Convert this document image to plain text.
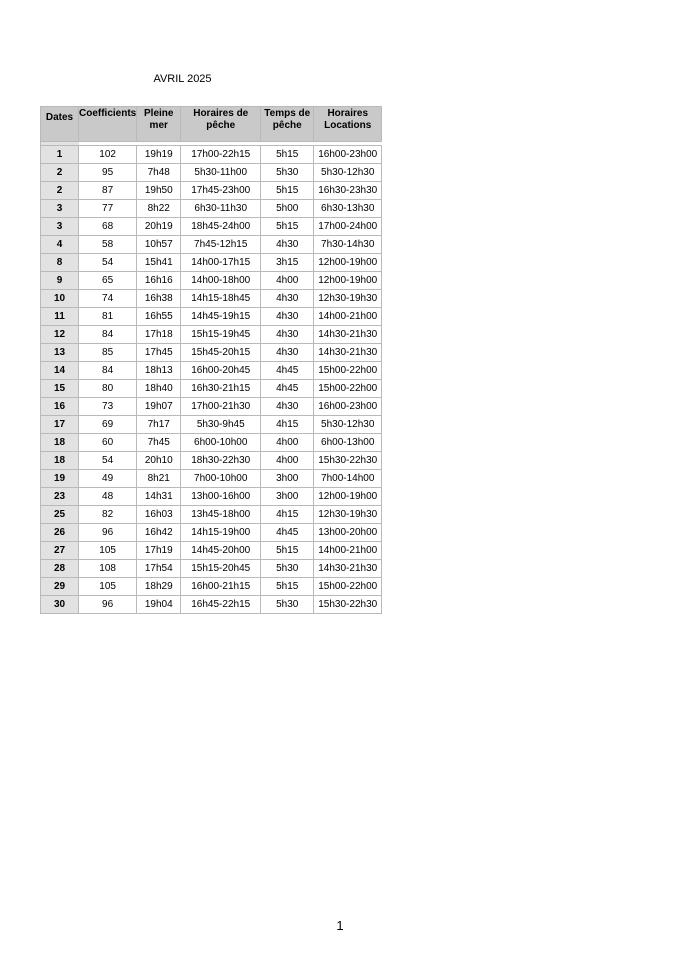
AVRIL 2025
Dates	Coefficients	Pleine mer	Horaires de pêche	Temps de pêche	Horaires Locations

1	102	19h19	17h00-22h15	5h15	16h00-23h00
2	95	7h48	5h30-11h00	5h30	5h30-12h30
2	87	19h50	17h45-23h00	5h15	16h30-23h30
3	77	8h22	6h30-11h30	5h00	6h30-13h30
3	68	20h19	18h45-24h00	5h15	17h00-24h00
4	58	10h57	7h45-12h15	4h30	7h30-14h30
8	54	15h41	14h00-17h15	3h15	12h00-19h00
9	65	16h16	14h00-18h00	4h00	12h00-19h00
10	74	16h38	14h15-18h45	4h30	12h30-19h30
11	81	16h55	14h45-19h15	4h30	14h00-21h00
12	84	17h18	15h15-19h45	4h30	14h30-21h30
13	85	17h45	15h45-20h15	4h30	14h30-21h30
14	84	18h13	16h00-20h45	4h45	15h00-22h00
15	80	18h40	16h30-21h15	4h45	15h00-22h00
16	73	19h07	17h00-21h30	4h30	16h00-23h00
17	69	7h17	5h30-9h45	4h15	5h30-12h30
18	60	7h45	6h00-10h00	4h00	6h00-13h00
18	54	20h10	18h30-22h30	4h00	15h30-22h30
19	49	8h21	7h00-10h00	3h00	7h00-14h00
23	48	14h31	13h00-16h00	3h00	12h00-19h00
25	82	16h03	13h45-18h00	4h15	12h30-19h30
26	96	16h42	14h15-19h00	4h45	13h00-20h00
27	105	17h19	14h45-20h00	5h15	14h00-21h00
28	108	17h54	15h15-20h45	5h30	14h30-21h30
29	105	18h29	16h00-21h15	5h15	15h00-22h00
30	96	19h04	16h45-22h15	5h30	15h30-22h30
1
